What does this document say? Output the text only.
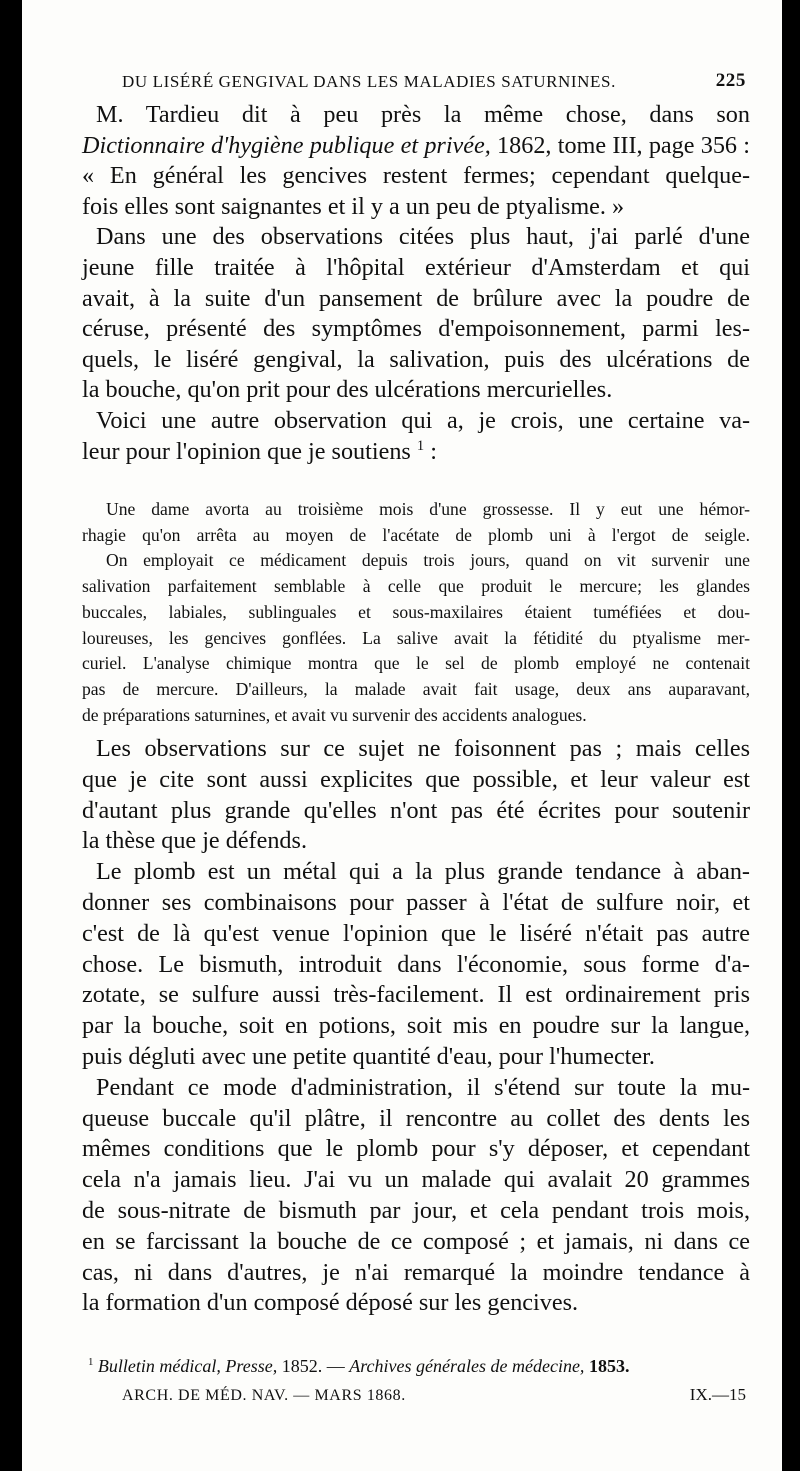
DU LISÉRÉ GENGIVAL DANS LES MALADIES SATURNINES.	225
M. Tardieu dit à peu près la même chose, dans son
Dictionnaire d'hygiène publique et privée, 1862, tome III, page 356 :
« En général les gencives restent fermes; cependant quelque-
fois elles sont saignantes et il y a un peu de ptyalisme. »
Dans une des observations citées plus haut, j'ai parlé d'une
jeune fille traitée à l'hôpital extérieur d'Amsterdam et qui
avait, à la suite d'un pansement de brûlure avec la poudre de
céruse, présenté des symptômes d'empoisonnement, parmi les-
quels, le liséré gengival, la salivation, puis des ulcérations de
la bouche, qu'on prit pour des ulcérations mercurielles.
Voici une autre observation qui a, je crois, une certaine va-
leur pour l'opinion que je soutiens $^1$ :
Une dame avorta au troisième mois d'une grossesse. Il y eut une hémor-
rhagie qu'on arrêta au moyen de l'acétate de plomb uni à l'ergot de seigle.
On employait ce médicament depuis trois jours, quand on vit survenir une
salivation parfaitement semblable à celle que produit le mercure; les glandes
buccales, labiales, sublinguales et sous-maxilaires étaient tuméfiées et dou-
loureuses, les gencives gonflées. La salive avait la fétidité du ptyalisme mer-
curiel. L'analyse chimique montra que le sel de plomb employé ne contenait
pas de mercure. D'ailleurs, la malade avait fait usage, deux ans auparavant,
de préparations saturnines, et avait vu survenir des accidents analogues.
Les observations sur ce sujet ne foisonnent pas ; mais celles
que je cite sont aussi explicites que possible, et leur valeur est
d'autant plus grande qu'elles n'ont pas été écrites pour soutenir
la thèse que je défends.
Le plomb est un métal qui a la plus grande tendance à aban-
donner ses combinaisons pour passer à l'état de sulfure noir, et
c'est de là qu'est venue l'opinion que le liséré n'était pas autre
chose. Le bismuth, introduit dans l'économie, sous forme d'a-
zotate, se sulfure aussi très-facilement. Il est ordinairement pris
par la bouche, soit en potions, soit mis en poudre sur la langue,
puis dégluti avec une petite quantité d'eau, pour l'humecter.
Pendant ce mode d'administration, il s'étend sur toute la mu-
queuse buccale qu'il plâtre, il rencontre au collet des dents les
mêmes conditions que le plomb pour s'y déposer, et cependant
cela n'a jamais lieu. J'ai vu un malade qui avalait 20 grammes
de sous-nitrate de bismuth par jour, et cela pendant trois mois,
en se farcissant la bouche de ce composé ; et jamais, ni dans ce
cas, ni dans d'autres, je n'ai remarqué la moindre tendance à
la formation d'un composé déposé sur les gencives.
$^1$ Bulletin médical, Presse, 1852. — Archives générales de médecine, 1853.
ARCH. DE MÉD. NAV. — MARS 1868.	IX.—15
